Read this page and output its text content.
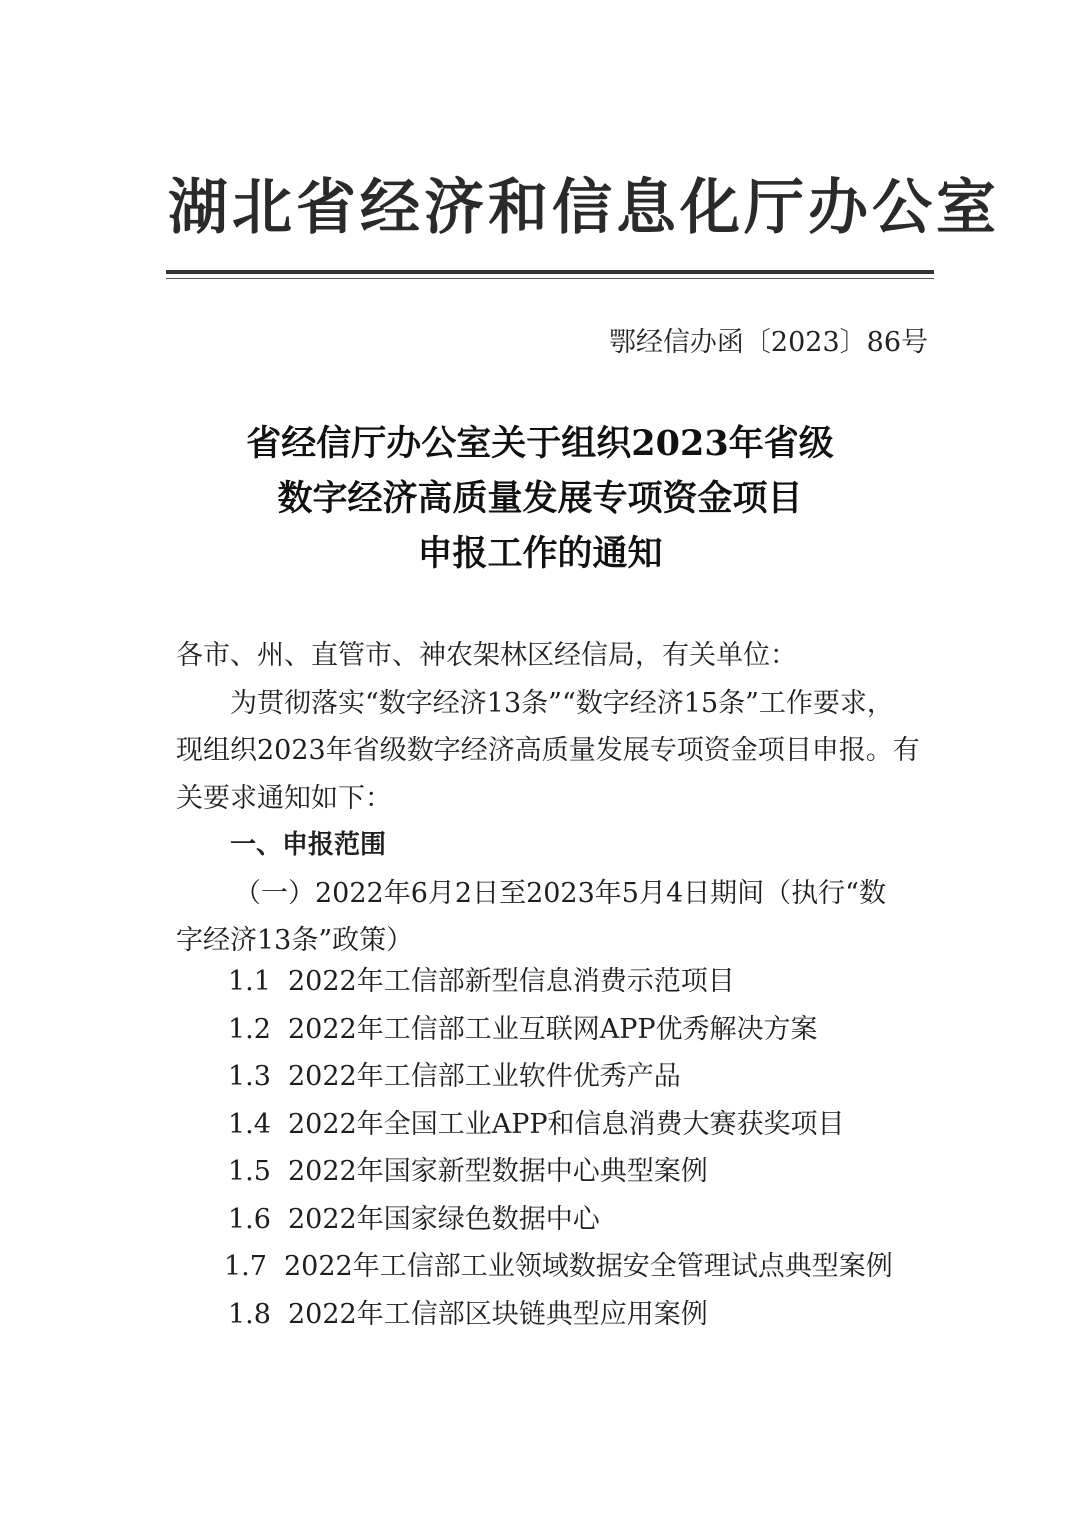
湖北省经济和信息化厅办公室
鄂经信办函〔2023〕86号
省经信厅办公室关于组织2023年省级
数字经济高质量发展专项资金项目
申报工作的通知

各市、州、直管市、神农架林区经信局，有关单位：

为贯彻落实“数字经济13条”“数字经济15条”工作要求，

现组织2023年省级数字经济高质量发展专项资金项目申报。有

关要求通知如下：

一、申报范围

（一）2022年6月2日至2023年5月4日期间（执行“数

字经济13条”政策）

1.1 2022年工信部新型信息消费示范项目
1.2 2022年工信部工业互联网APP优秀解决方案
1.3 2022年工信部工业软件优秀产品
1.4 2022年全国工业APP和信息消费大赛获奖项目
1.5 2022年国家新型数据中心典型案例
1.6 2022年国家绿色数据中心
1.7 2022年工信部工业领域数据安全管理试点典型案例
1.8 2022年工信部区块链典型应用案例
